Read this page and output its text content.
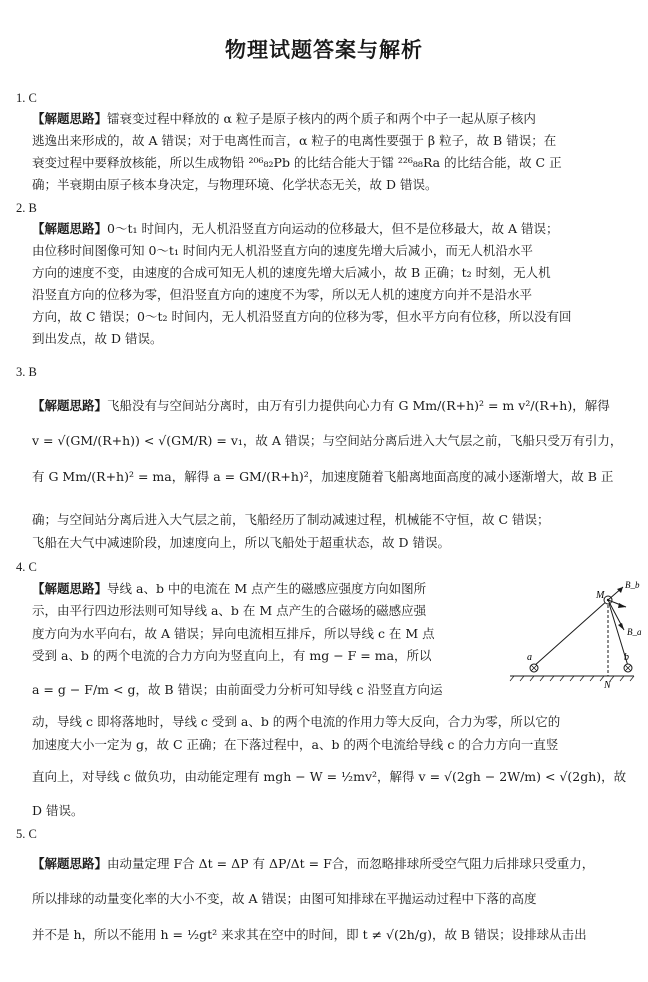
物理试题答案与解析
1. C
【解题思路】镭衰变过程中释放的 α 粒子是原子核内的两个质子和两个中子一起从原子核内
逃逸出来形成的，故 A 错误；对于电离性而言，α 粒子的电离性要强于 β 粒子，故 B 错误；在
衰变过程中要释放核能，所以生成物铅 ²⁰⁶₈₂Pb 的比结合能大于镭 ²²⁶₈₈Ra 的比结合能，故 C 正
确；半衰期由原子核本身决定，与物理环境、化学状态无关，故 D 错误。
2. B
【解题思路】0～t₁ 时间内，无人机沿竖直方向运动的位移最大，但不是位移最大，故 A 错误；
由位移时间图像可知 0～t₁ 时间内无人机沿竖直方向的速度先增大后减小，而无人机沿水平
方向的速度不变，由速度的合成可知无人机的速度先增大后减小，故 B 正确；t₂ 时刻，无人机
沿竖直方向的位移为零，但沿竖直方向的速度不为零，所以无人机的速度方向并不是沿水平
方向，故 C 错误；0～t₂ 时间内，无人机沿竖直方向的位移为零，但水平方向有位移，所以没有回
到出发点，故 D 错误。
3. B
【解题思路】飞船没有与空间站分离时，由万有引力提供向心力有 G Mm/(R+h)² = m v²/(R+h)，解得
v = √(GM/(R+h)) < √(GM/R) = v₁，故 A 错误；与空间站分离后进入大气层之前，飞船只受万有引力，
有 G Mm/(R+h)² = ma，解得 a = GM/(R+h)²，加速度随着飞船离地面高度的减小逐渐增大，故 B 正
确；与空间站分离后进入大气层之前，飞船经历了制动减速过程，机械能不守恒，故 C 错误；
飞船在大气中减速阶段，加速度向上，所以飞船处于超重状态，故 D 错误。
4. C
【解题思路】导线 a、b 中的电流在 M 点产生的磁感应强度方向如图所
示，由平行四边形法则可知导线 a、b 在 M 点产生的合磁场的磁感应强
度方向为水平向右，故 A 错误；异向电流相互排斥，所以导线 c 在 M 点
受到 a、b 的两个电流的合力方向为竖直向上，有 mg − F = ma，所以
a = g − F/m < g，故 B 错误；由前面受力分析可知导线 c 沿竖直方向运
动，导线 c 即将落地时，导线 c 受到 a、b 的两个电流的作用力等大反向，合力为零，所以它的
加速度大小一定为 g，故 C 正确；在下落过程中，a、b 的两个电流给导线 c 的合力方向一直竖
直向上，对导线 c 做负功，由动能定理有 mgh − W = ½mv²，解得 v = √(2gh − 2W/m) < √(2gh)，故
D 错误。
M
B_b
B_a
a	b
N
5. C
【解题思路】由动量定理 F合 Δt = ΔP 有 ΔP/Δt = F合，而忽略排球所受空气阻力后排球只受重力，
所以排球的动量变化率的大小不变，故 A 错误；由图可知排球在平抛运动过程中下落的高度
并不是 h，所以不能用 h = ½gt² 来求其在空中的时间，即 t ≠ √(2h/g)，故 B 错误；设排球从击出
